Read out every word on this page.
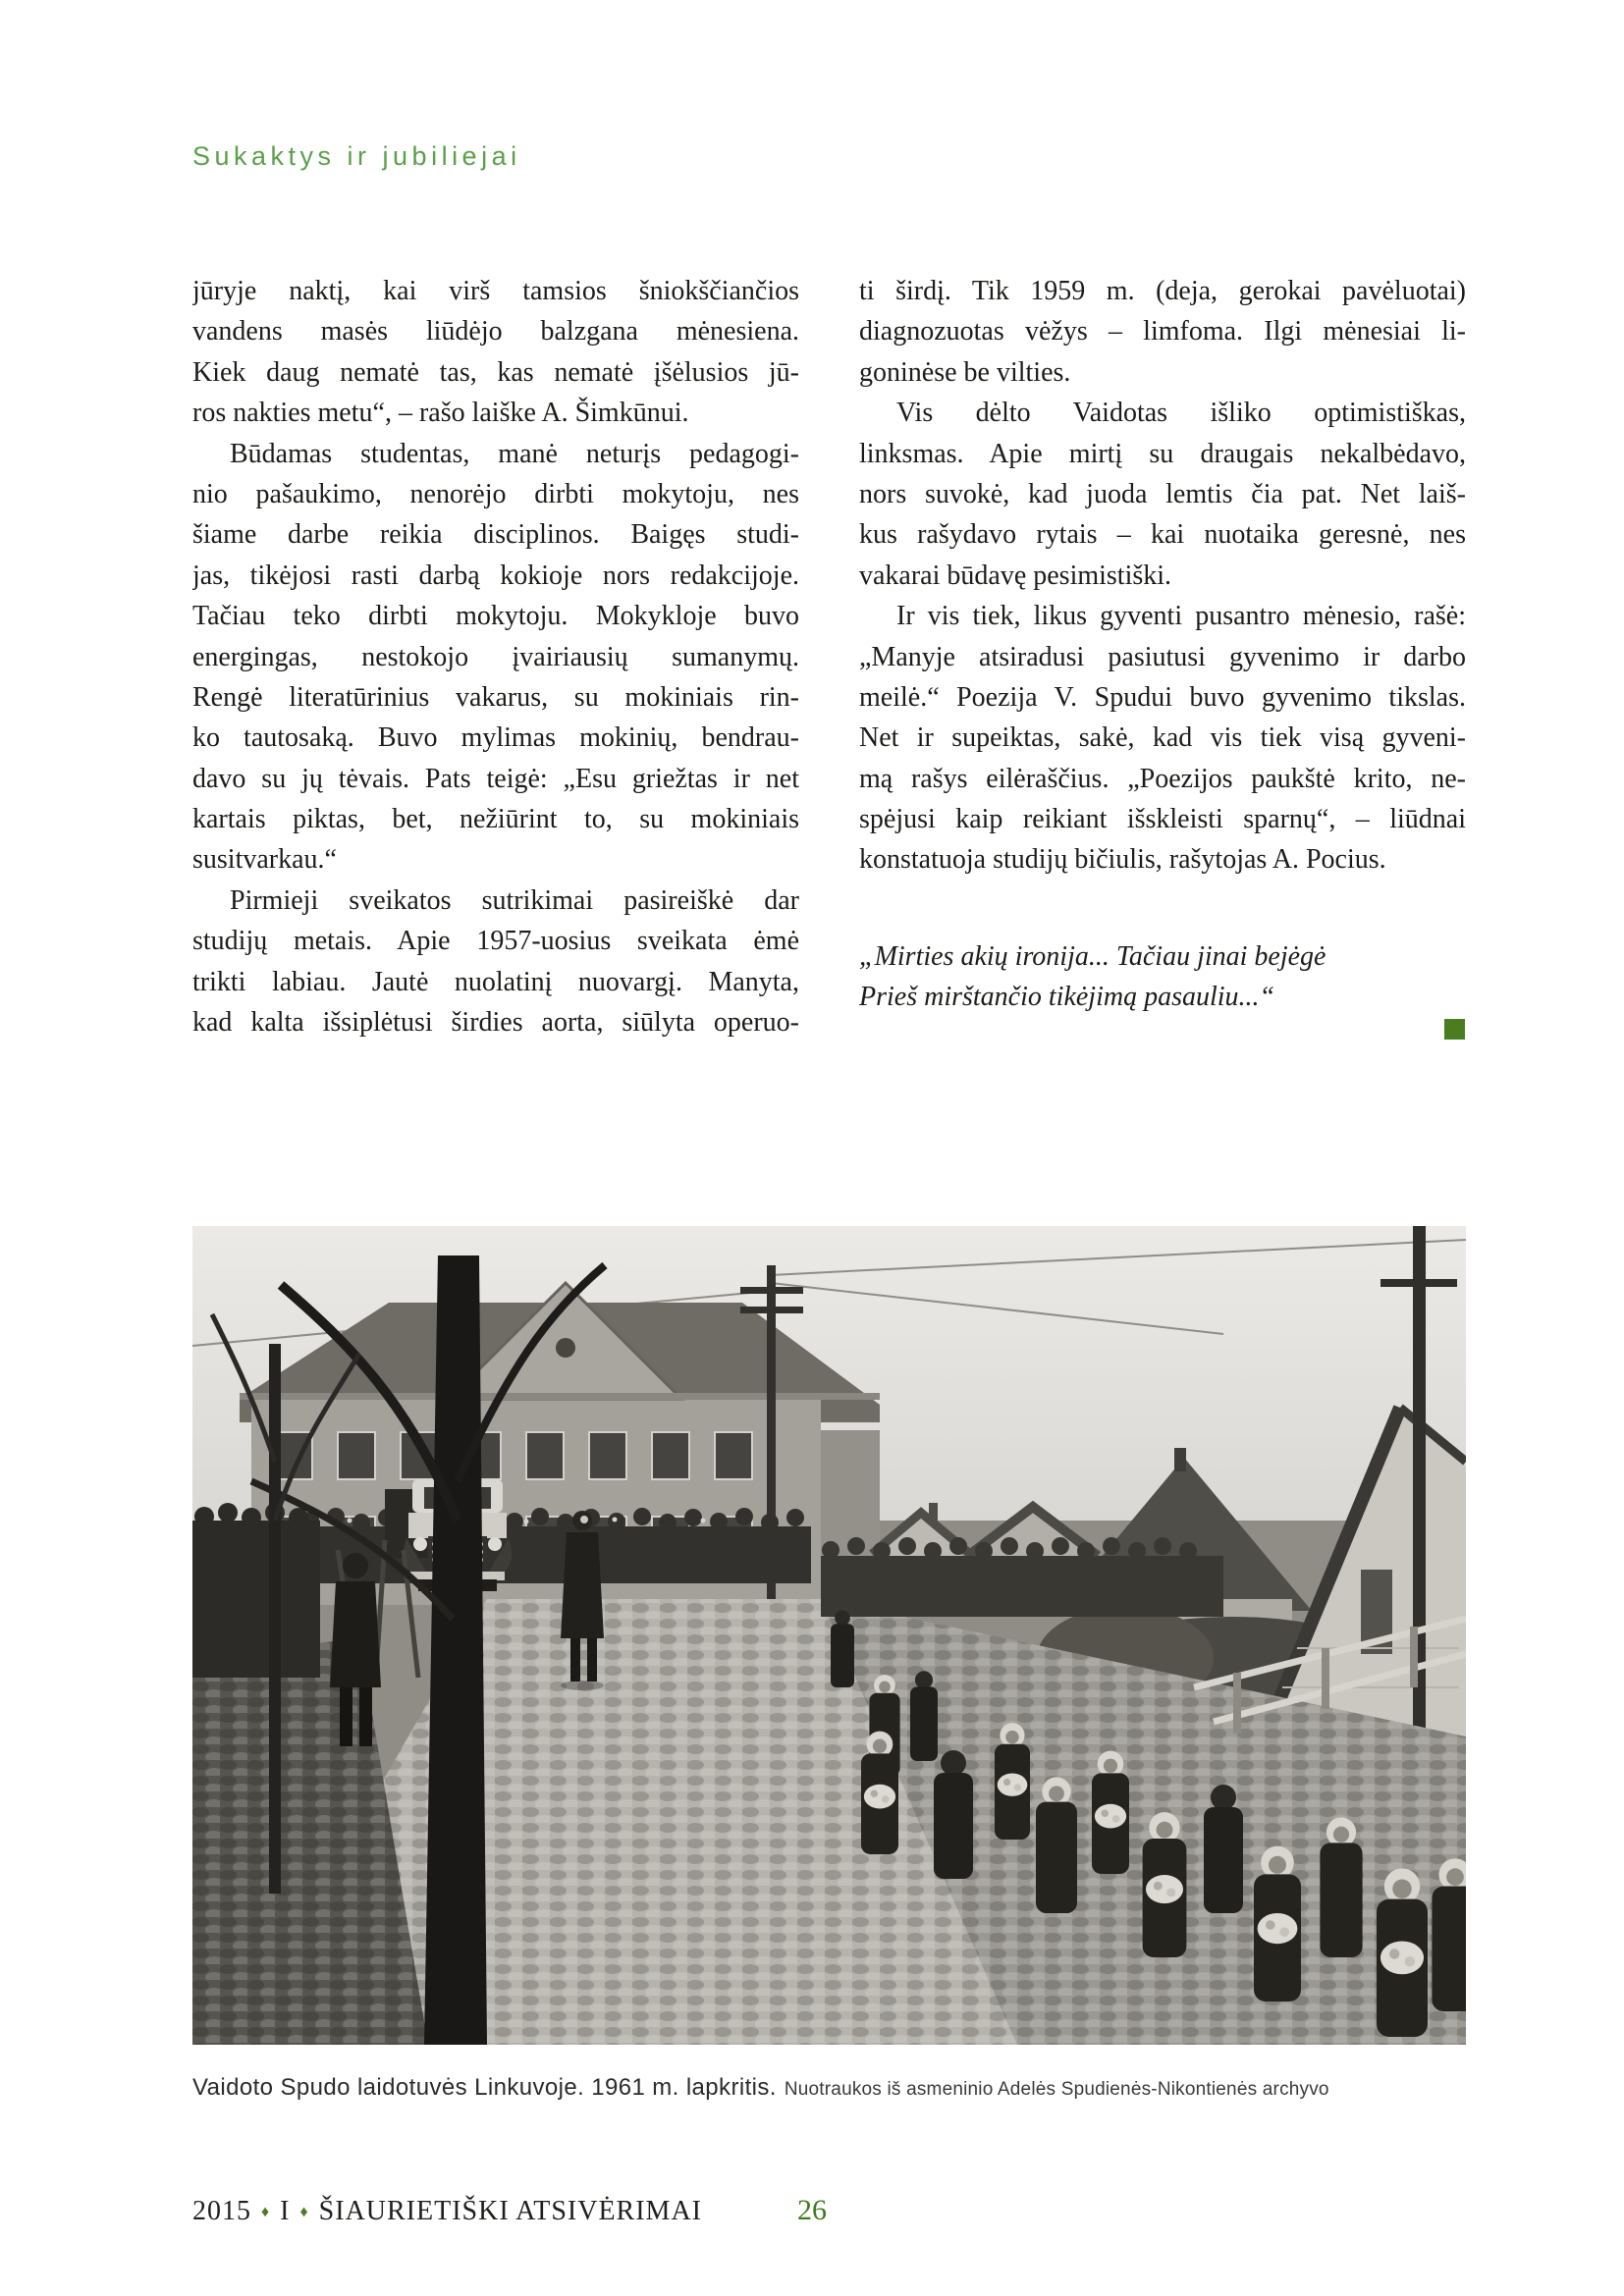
Sukaktys ir jubiliejai
jūryje naktį, kai virš tamsios šniokščiančios
vandens masės liūdėjo balzgana mėnesiena.
Kiek daug nematė tas, kas nematė įšėlusios jū-
ros nakties metu“, – rašo laiške A. Šimkūnui.
Būdamas studentas, manė neturįs pedagogi-
nio pašaukimo, nenorėjo dirbti mokytoju, nes
šiame darbe reikia disciplinos. Baigęs studi-
jas, tikėjosi rasti darbą kokioje nors redakcijoje.
Tačiau teko dirbti mokytoju. Mokykloje buvo
energingas, nestokojo įvairiausių sumanymų.
Rengė literatūrinius vakarus, su mokiniais rin-
ko tautosaką. Buvo mylimas mokinių, bendrau-
davo su jų tėvais. Pats teigė: „Esu griežtas ir net
kartais piktas, bet, nežiūrint to, su mokiniais
susitvarkau.“
Pirmieji sveikatos sutrikimai pasireiškė dar
studijų metais. Apie 1957-uosius sveikata ėmė
trikti labiau. Jautė nuolatinį nuovargį. Manyta,
kad kalta išsiplėtusi širdies aorta, siūlyta operuo-
ti širdį. Tik 1959 m. (deja, gerokai pavėluotai)
diagnozuotas vėžys – limfoma. Ilgi mėnesiai li-
goninėse be vilties.
Vis dėlto Vaidotas išliko optimistiškas,
linksmas. Apie mirtį su draugais nekalbėdavo,
nors suvokė, kad juoda lemtis čia pat. Net laiš-
kus rašydavo rytais – kai nuotaika geresnė, nes
vakarai būdavę pesimistiški.
Ir vis tiek, likus gyventi pusantro mėnesio, rašė:
„Manyje atsiradusi pasiutusi gyvenimo ir darbo
meilė.“ Poezija V. Spudui buvo gyvenimo tikslas.
Net ir supeiktas, sakė, kad vis tiek visą gyveni-
mą rašys eilėraščius. „Poezijos paukštė krito, ne-
spėjusi kaip reikiant išskleisti sparnų“, – liūdnai
konstatuoja studijų bičiulis, rašytojas A. Pocius.
„Mirties akių ironija... Tačiau jinai bejėgė
Prieš mirštančio tikėjimą pasauliu...“
Vaidoto Spudo laidotuvės Linkuvoje. 1961 m. lapkritis. Nuotraukos iš asmeninio Adelės Spudienės-Nikontienės archyvo
2015 ♦ I ♦ ŠIAURIETIŠKI ATSIVĖRIMAI	26
